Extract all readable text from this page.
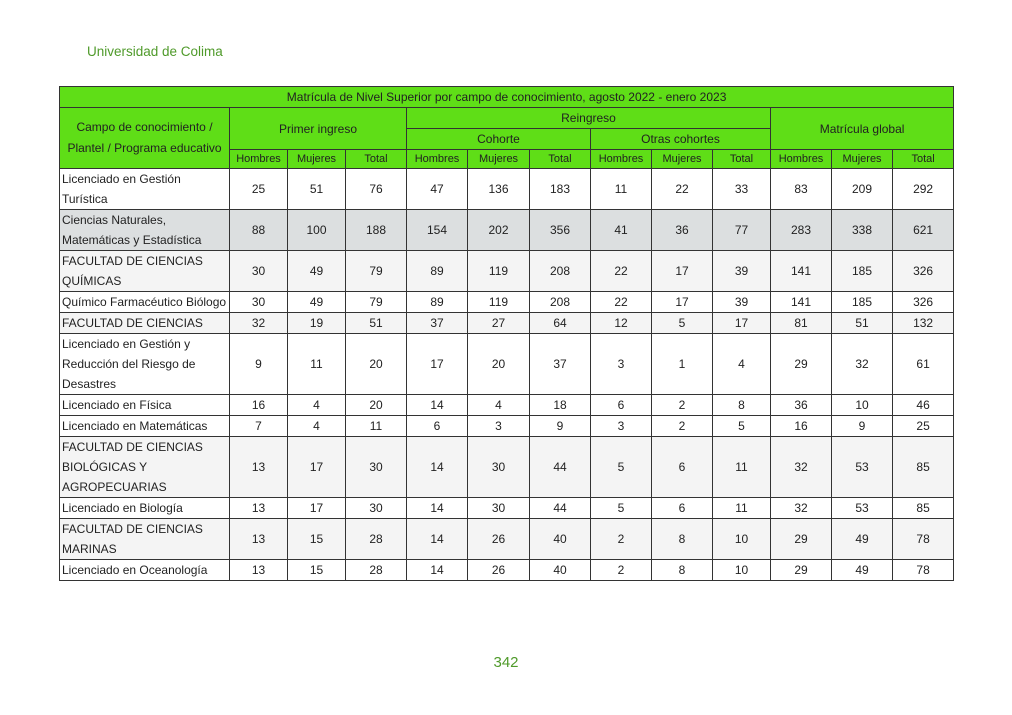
Universidad de Colima
Matrícula de Nivel Superior por campo de conocimiento, agosto 2022 - enero 2023												
Campo de conocimiento / Plantel / Programa educativo	Primer ingreso			Reingreso						Matrícula global		
				Cohorte			Otras cohortes					
	Hombres	Mujeres	Total	Hombres	Mujeres	Total	Hombres	Mujeres	Total	Hombres	Mujeres	Total
Licenciado en Gestión Turística	25	51	76	47	136	183	11	22	33	83	209	292
Ciencias Naturales, Matemáticas y Estadística	88	100	188	154	202	356	41	36	77	283	338	621
FACULTAD DE CIENCIAS QUÍMICAS	30	49	79	89	119	208	22	17	39	141	185	326
Químico Farmacéutico Biólogo	30	49	79	89	119	208	22	17	39	141	185	326
FACULTAD DE CIENCIAS	32	19	51	37	27	64	12	5	17	81	51	132
Licenciado en Gestión y Reducción del Riesgo de Desastres	9	11	20	17	20	37	3	1	4	29	32	61
Licenciado en Física	16	4	20	14	4	18	6	2	8	36	10	46
Licenciado en Matemáticas	7	4	11	6	3	9	3	2	5	16	9	25
FACULTAD DE CIENCIAS BIOLÓGICAS Y AGROPECUARIAS	13	17	30	14	30	44	5	6	11	32	53	85
Licenciado en Biología	13	17	30	14	30	44	5	6	11	32	53	85
FACULTAD DE CIENCIAS MARINAS	13	15	28	14	26	40	2	8	10	29	49	78
Licenciado en Oceanología	13	15	28	14	26	40	2	8	10	29	49	78
342
